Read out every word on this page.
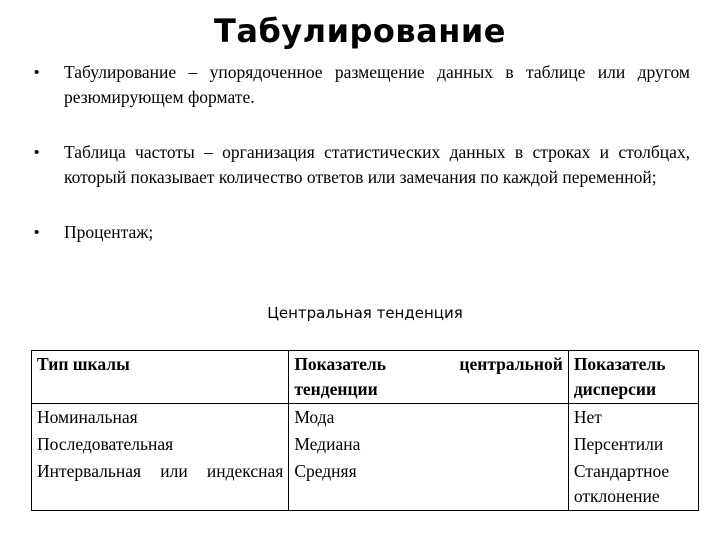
Табулирование
•	Табулирование – упорядоченное размещение данных в таблице или другом резюмирующем формате.
•	Таблица частоты – организация статистических данных в строках и столбцах, который показывает количество ответов или замечания по каждой переменной;
•	Процентаж;
Центральная тенденция
Тип шкалы	Показатель центральной тенденции	Показатель дисперсии
Номинальная	Мода	Нет
Последовательная	Медиана	Персентили
Интервальная или индексная	Средняя	Стандартное отклонение
